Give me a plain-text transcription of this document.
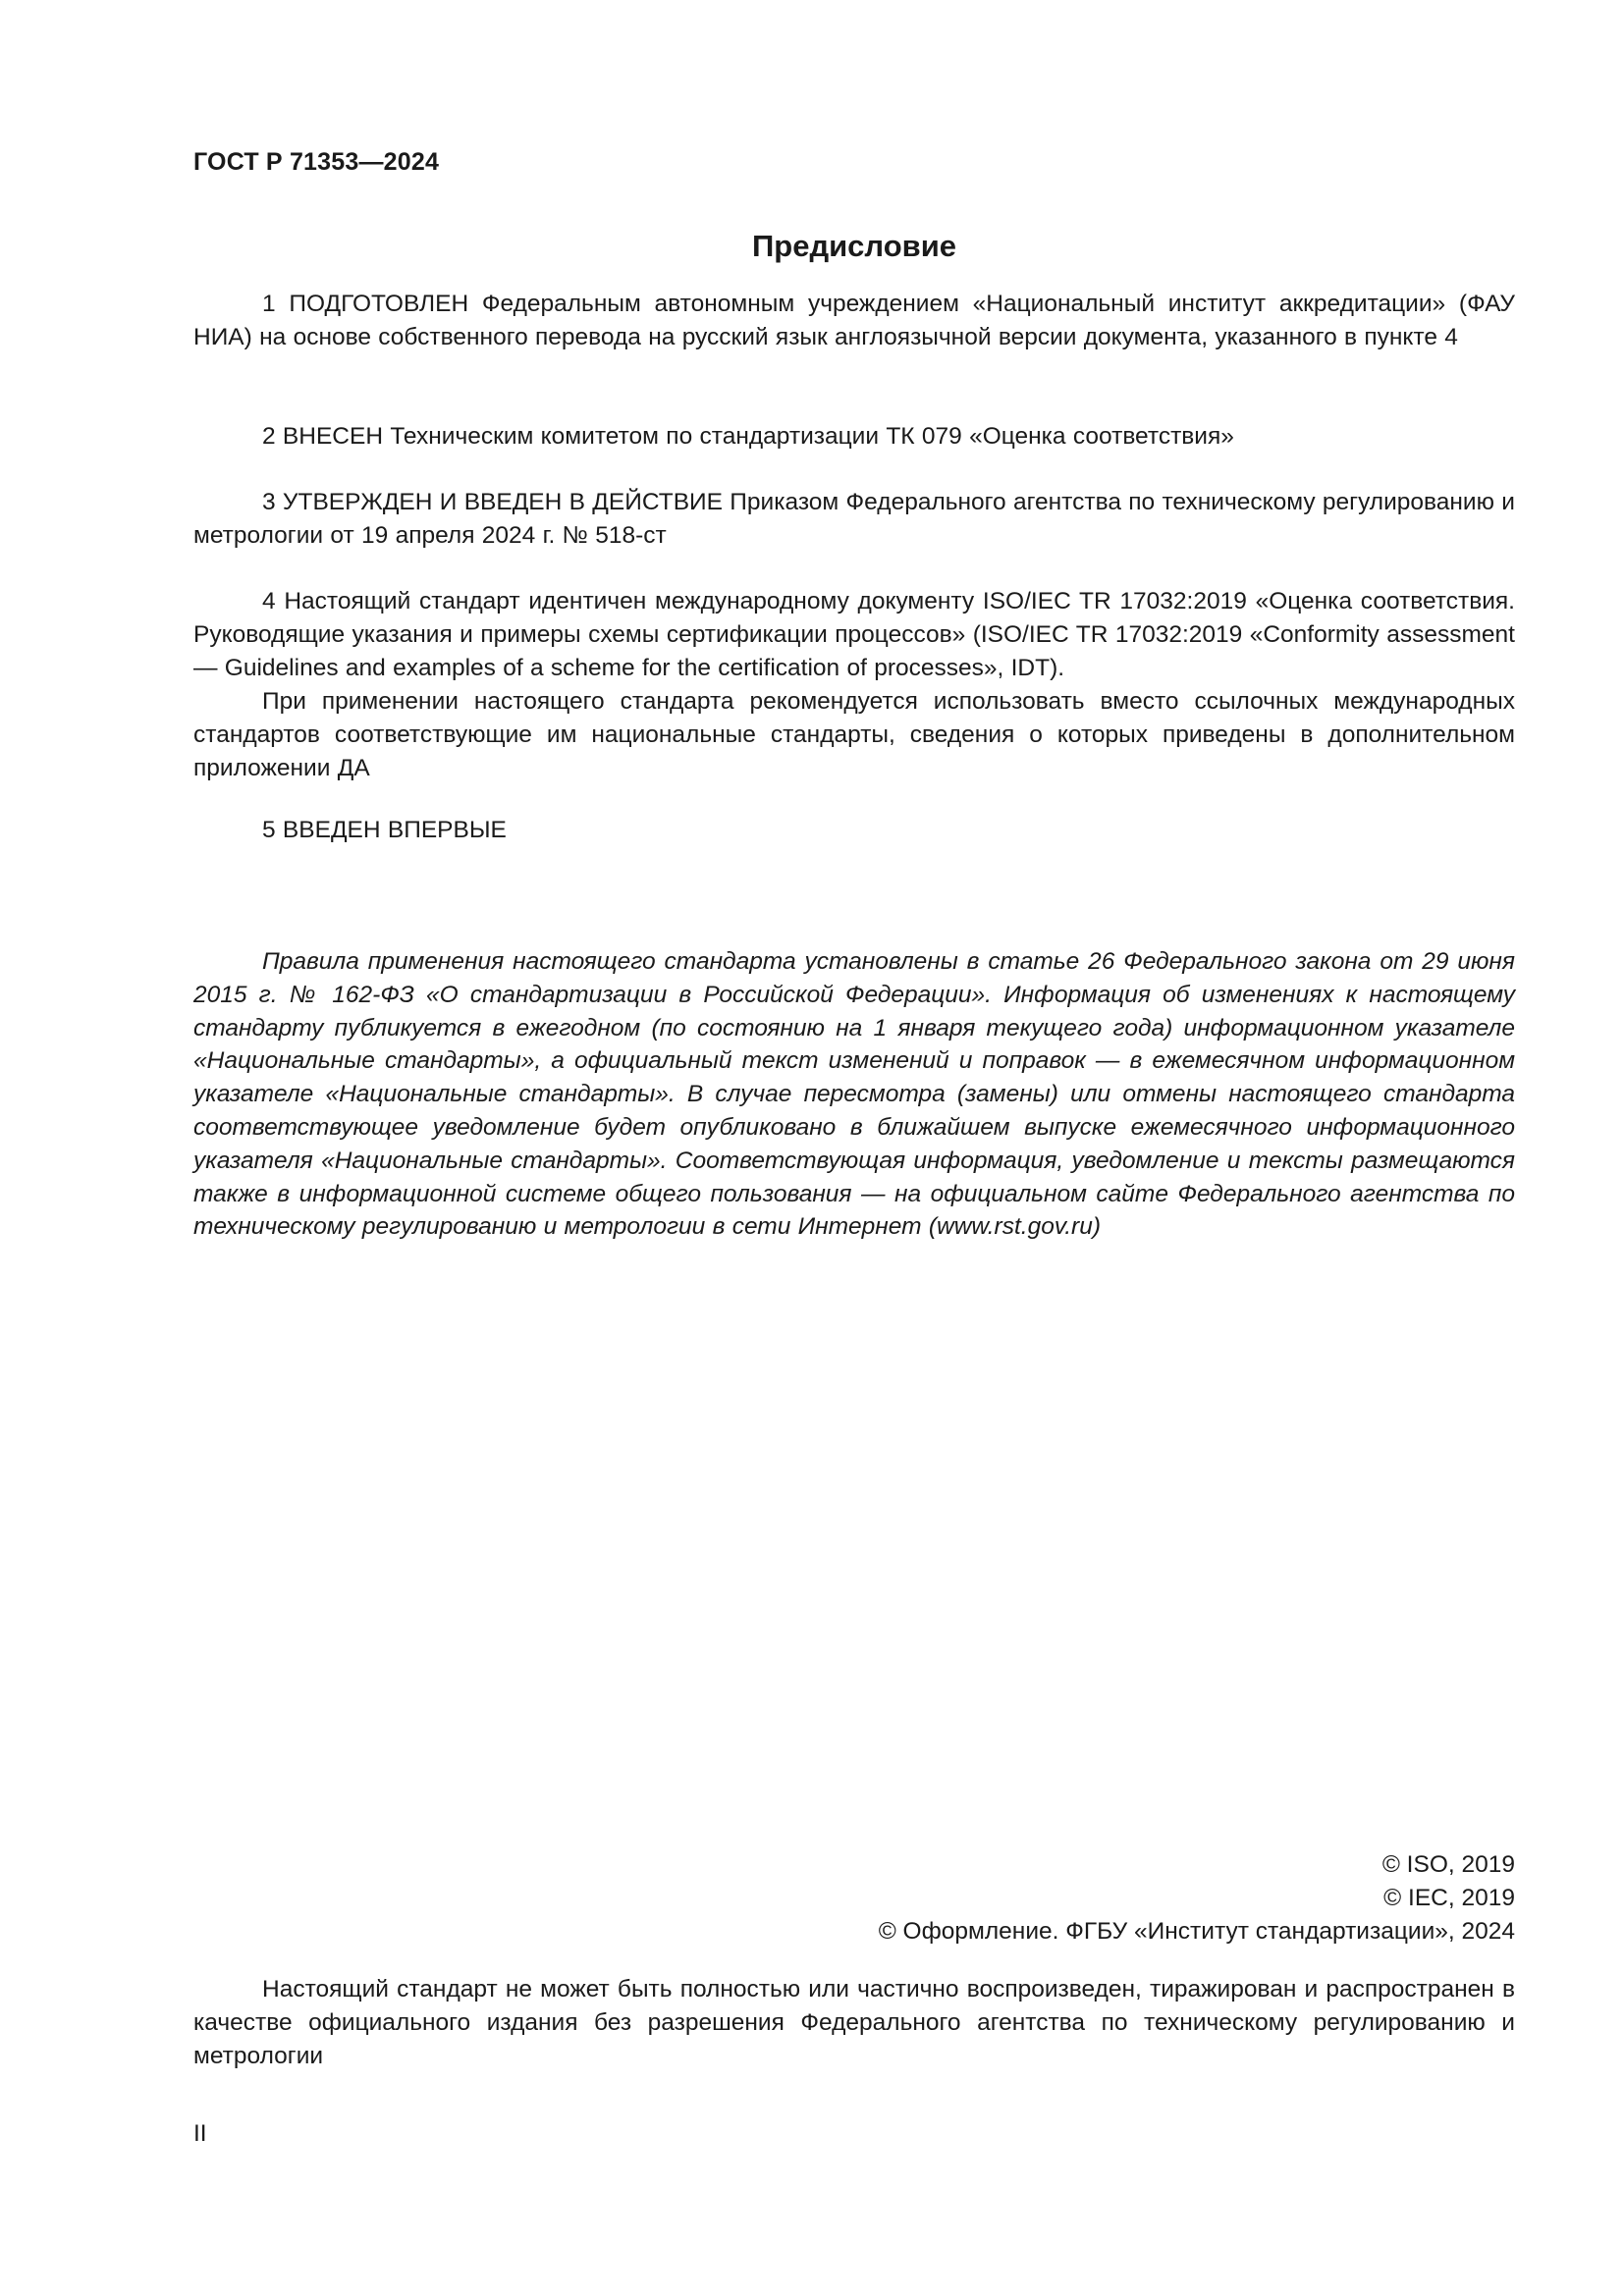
ГОСТ Р 71353—2024
Предисловие

1 ПОДГОТОВЛЕН Федеральным автономным учреждением «Национальный институт аккредитации» (ФАУ НИА) на основе собственного перевода на русский язык англоязычной версии документа, указанного в пункте 4

2 ВНЕСЕН Техническим комитетом по стандартизации ТК 079 «Оценка соответствия»

3 УТВЕРЖДЕН И ВВЕДЕН В ДЕЙСТВИЕ Приказом Федерального агентства по техническому регулированию и метрологии от 19 апреля 2024 г. № 518-ст

4 Настоящий стандарт идентичен международному документу ISO/IEC TR 17032:2019 «Оценка соответствия. Руководящие указания и примеры схемы сертификации процессов» (ISO/IEC TR 17032:2019 «Conformity assessment — Guidelines and examples of a scheme for the certification of processes», IDT).

При применении настоящего стандарта рекомендуется использовать вместо ссылочных международных стандартов соответствующие им национальные стандарты, сведения о которых приведены в дополнительном приложении ДА

5 ВВЕДЕН ВПЕРВЫЕ

Правила применения настоящего стандарта установлены в статье 26 Федерального закона от 29 июня 2015 г. № 162-ФЗ «О стандартизации в Российской Федерации». Информация об изменениях к настоящему стандарту публикуется в ежегодном (по состоянию на 1 января текущего года) информационном указателе «Национальные стандарты», а официальный текст изменений и поправок — в ежемесячном информационном указателе «Национальные стандарты». В случае пересмотра (замены) или отмены настоящего стандарта соответствующее уведомление будет опубликовано в ближайшем выпуске ежемесячного информационного указателя «Национальные стандарты». Соответствующая информация, уведомление и тексты размещаются также в информационной системе общего пользования — на официальном сайте Федерального агентства по техническому регулированию и метрологии в сети Интернет (www.rst.gov.ru)

© ISO, 2019
© IEC, 2019
© Оформление. ФГБУ «Институт стандартизации», 2024

Настоящий стандарт не может быть полностью или частично воспроизведен, тиражирован и распространен в качестве официального издания без разрешения Федерального агентства по техническому регулированию и метрологии

II
